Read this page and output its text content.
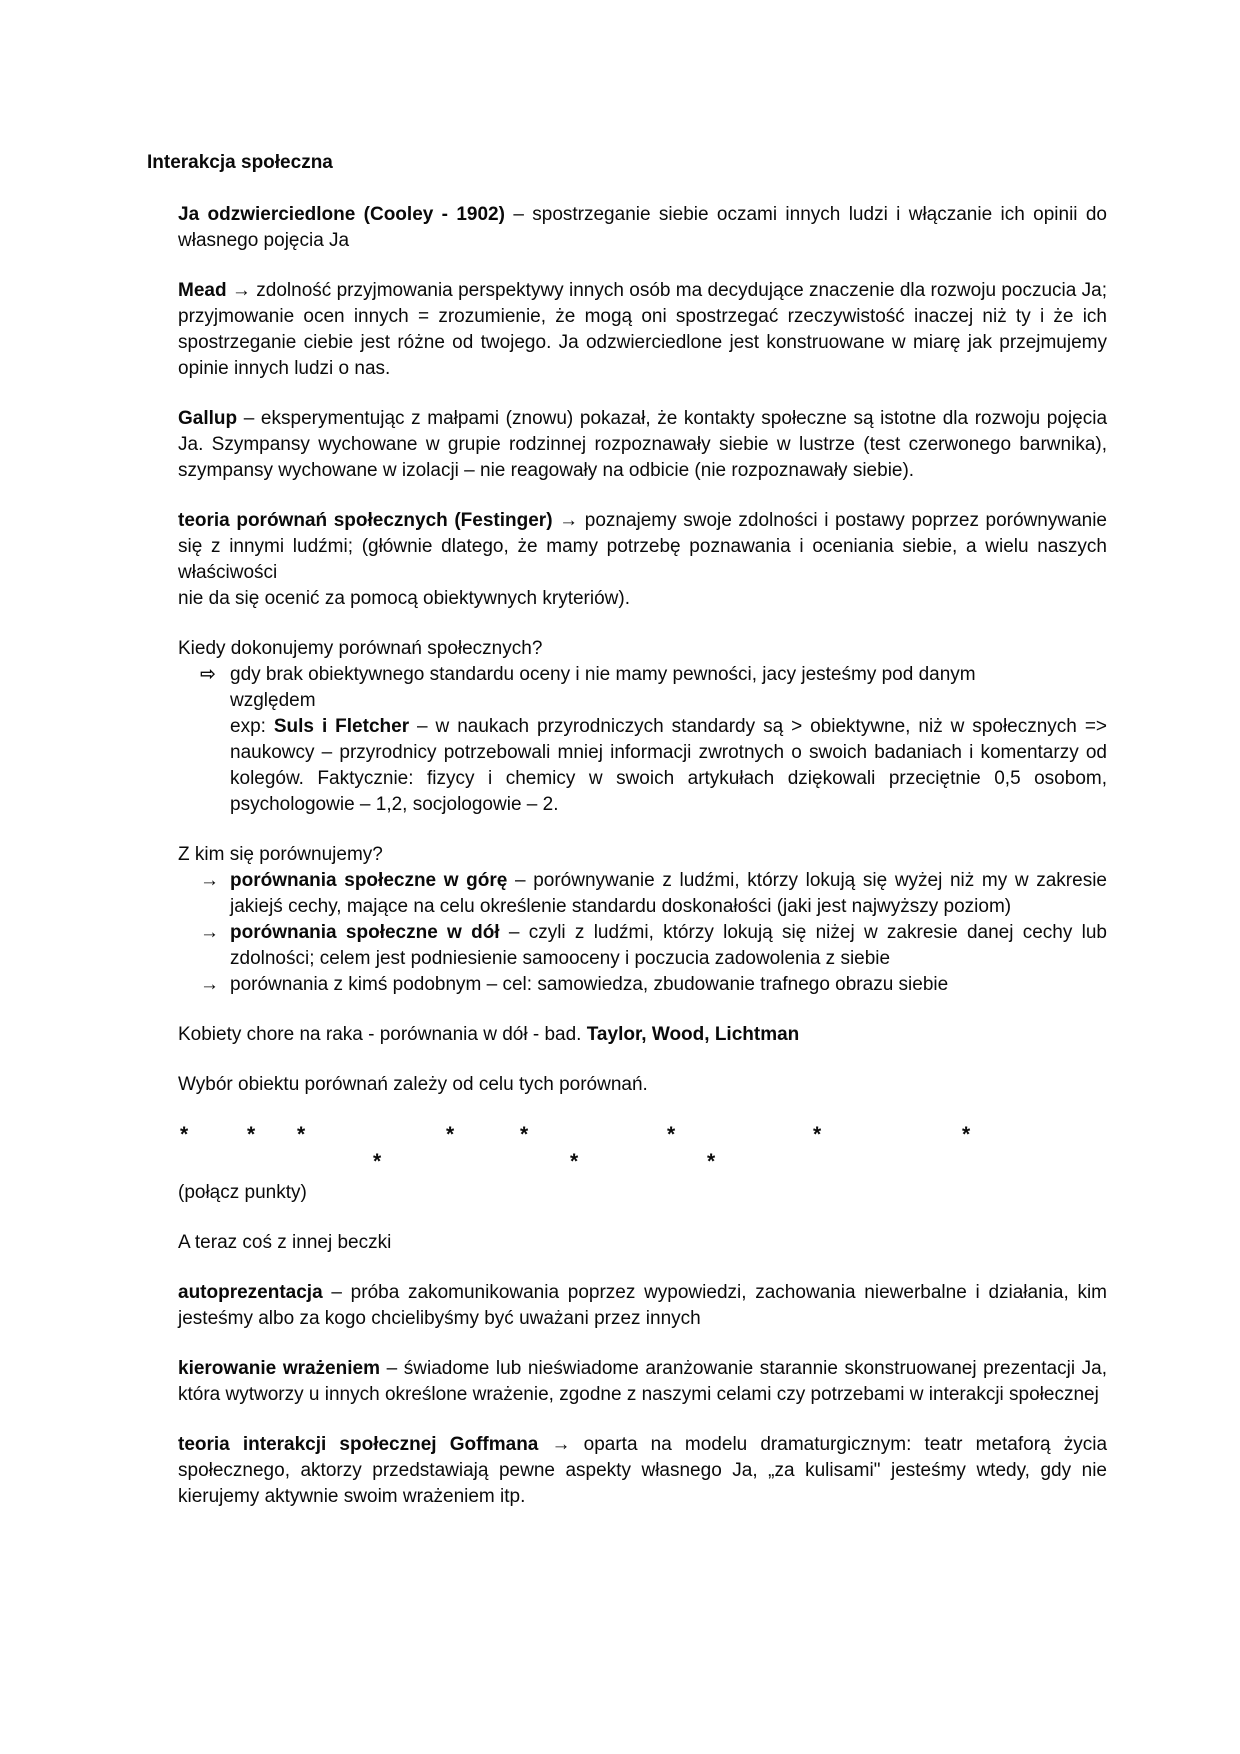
Interakcja społeczna

Ja odzwierciedlone (Cooley - 1902) – spostrzeganie siebie oczami innych ludzi i włączanie ich opinii do własnego pojęcia Ja

Mead → zdolność przyjmowania perspektywy innych osób ma decydujące znaczenie dla rozwoju poczucia Ja; przyjmowanie ocen innych = zrozumienie, że mogą oni spostrzegać rzeczywistość inaczej niż ty i że ich spostrzeganie ciebie jest różne od twojego. Ja odzwierciedlone jest konstruowane w miarę jak przejmujemy opinie innych ludzi o nas.

Gallup – eksperymentując z małpami (znowu) pokazał, że kontakty społeczne są istotne dla rozwoju pojęcia Ja. Szympansy wychowane w grupie rodzinnej rozpoznawały siebie w lustrze (test czerwonego barwnika), szympansy wychowane w izolacji – nie reagowały na odbicie (nie rozpoznawały siebie).

teoria porównań społecznych (Festinger) → poznajemy swoje zdolności i postawy poprzez porównywanie się z innymi ludźmi; (głównie dlatego, że mamy potrzebę poznawania i oceniania siebie, a wielu naszych właściwości
nie da się ocenić za pomocą obiektywnych kryteriów).

Kiedy dokonujemy porównań społecznych?

⇨ gdy brak obiektywnego standardu oceny i nie mamy pewności, jacy jesteśmy pod danym
względem
exp: Suls i Fletcher – w naukach przyrodniczych standardy są > obiektywne, niż w społecznych => naukowcy – przyrodnicy potrzebowali mniej informacji zwrotnych o swoich badaniach i komentarzy od kolegów. Faktycznie: fizycy i chemicy w swoich artykułach dziękowali przeciętnie 0,5 osobom, psychologowie – 1,2, socjologowie – 2.

Z kim się porównujemy?

→ porównania społeczne w górę – porównywanie z ludźmi, którzy lokują się wyżej niż my w zakresie jakiejś cechy, mające na celu określenie standardu doskonałości (jaki jest najwyższy poziom)
→ porównania społeczne w dół – czyli z ludźmi, którzy lokują się niżej w zakresie danej cechy lub zdolności; celem jest podniesienie samooceny i poczucia zadowolenia z siebie
→ porównania z kimś podobnym – cel: samowiedza, zbudowanie trafnego obrazu siebie

Kobiety chore na raka - porównania w dół - bad. Taylor, Wood, Lichtman

Wybór obiektu porównań zależy od celu tych porównań.

*	* *	*	*	*	*	*
*	*	*

(połącz punkty)

A teraz coś z innej beczki

autoprezentacja – próba zakomunikowania poprzez wypowiedzi, zachowania niewerbalne i działania, kim jesteśmy albo za kogo chcielibyśmy być uważani przez innych

kierowanie wrażeniem – świadome lub nieświadome aranżowanie starannie skonstruowanej prezentacji Ja, która wytworzy u innych określone wrażenie, zgodne z naszymi celami czy potrzebami w interakcji społecznej

teoria interakcji społecznej Goffmana → oparta na modelu dramaturgicznym: teatr metaforą życia społecznego, aktorzy przedstawiają pewne aspekty własnego Ja, „za kulisami" jesteśmy wtedy, gdy nie kierujemy aktywnie swoim wrażeniem itp.
